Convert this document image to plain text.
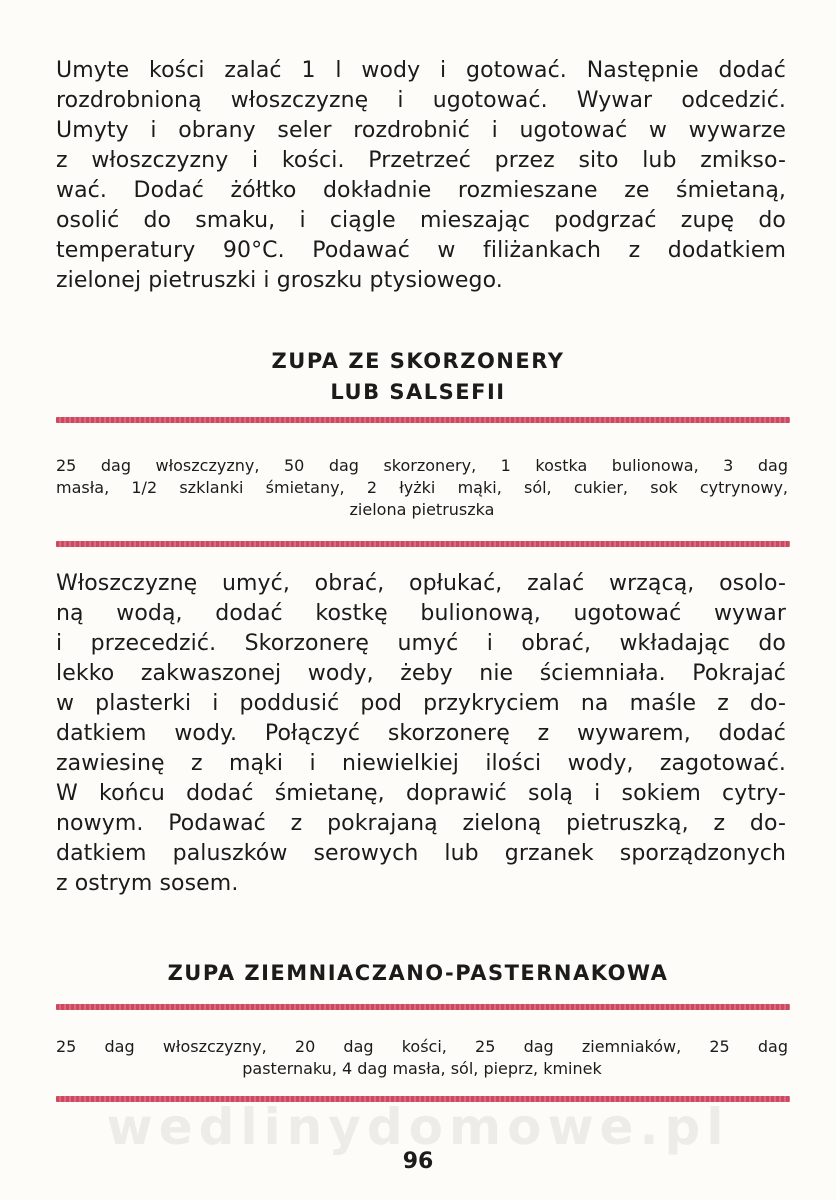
Umyte kości zalać 1 l wody i gotować. Następnie dodać
rozdrobnioną włoszczyznę i ugotować. Wywar odcedzić.
Umyty i obrany seler rozdrobnić i ugotować w wywarze
z włoszczyzny i kości. Przetrzeć przez sito lub zmikso-
wać. Dodać żółtko dokładnie rozmieszane ze śmietaną,
osolić do smaku, i ciągle mieszając podgrzać zupę do
temperatury 90°C. Podawać w filiżankach z dodatkiem
zielonej pietruszki i groszku ptysiowego.
ZUPA ZE SKORZONERY
LUB SALSEFII
25 dag włoszczyzny, 50 dag skorzonery, 1 kostka bulionowa, 3 dag
masła, 1/2 szklanki śmietany, 2 łyżki mąki, sól, cukier, sok cytrynowy,
zielona pietruszka
Włoszczyznę umyć, obrać, opłukać, zalać wrzącą, osolo-
ną wodą, dodać kostkę bulionową, ugotować wywar
i przecedzić. Skorzonerę umyć i obrać, wkładając do
lekko zakwaszonej wody, żeby nie ściemniała. Pokrajać
w plasterki i poddusić pod przykryciem na maśle z do-
datkiem wody. Połączyć skorzonerę z wywarem, dodać
zawiesinę z mąki i niewielkiej ilości wody, zagotować.
W końcu dodać śmietanę, doprawić solą i sokiem cytry-
nowym. Podawać z pokrajaną zieloną pietruszką, z do-
datkiem paluszków serowych lub grzanek sporządzonych
z ostrym sosem.
ZUPA ZIEMNIACZANO-PASTERNAKOWA
25 dag włoszczyzny, 20 dag kości, 25 dag ziemniaków, 25 dag
pasternaku, 4 dag masła, sól, pieprz, kminek
wedlinydomowe.pl
96
